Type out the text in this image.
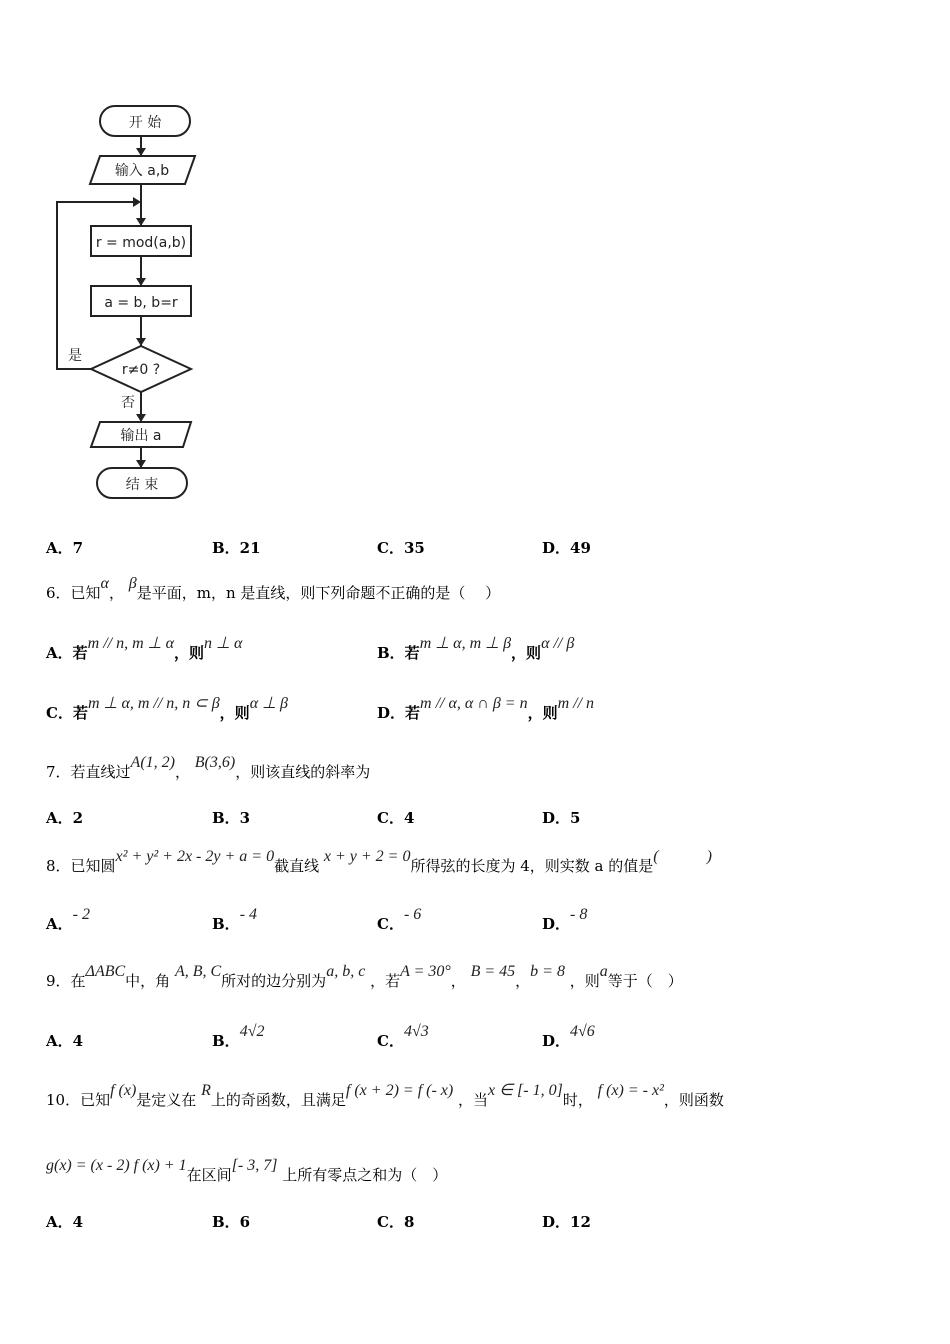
开 始
输入 a,b
r = mod(a,b)
a = b, b=r
r≠0 ?
是
否
输出 a
结 束
A．7	B．21	C．35	D．49
6．已知α， β是平面，m，n 是直线，则下列命题不正确的是（　 ）
A．若m // n, m ⊥ α，则n ⊥ α
B．若m ⊥ α, m ⊥ β，则α // β
C．若m ⊥ α, m // n, n ⊂ β，则α ⊥ β
D．若m // α, α ∩ β = n，则m // n
7．若直线过A(1, 2)， B(3,6)，则该直线的斜率为
A．2	B．3	C．4	D．5
8．已知圆x² + y² + 2x - 2y + a = 0截直线 x + y + 2 = 0所得弦的长度为 4，则实数 a 的值是(　　　)
A．- 2
B．- 4
C．- 6
D．- 8
9．在ΔABC中，角 A, B, C所对的边分别为a, b, c ，若A = 30°， B = 45，b = 8 ，则a等于（　）
A．4	B．4√2
C．4√3
D．4√6
10．已知f (x)是定义在 R上的奇函数，且满足f (x + 2) = f (- x) ，当x ∈ [- 1, 0]时， f (x) = - x²，则函数
g(x) = (x - 2) f (x) + 1在区间[- 3, 7] 上所有零点之和为（　）
A．4	B．6	C．8	D．12
